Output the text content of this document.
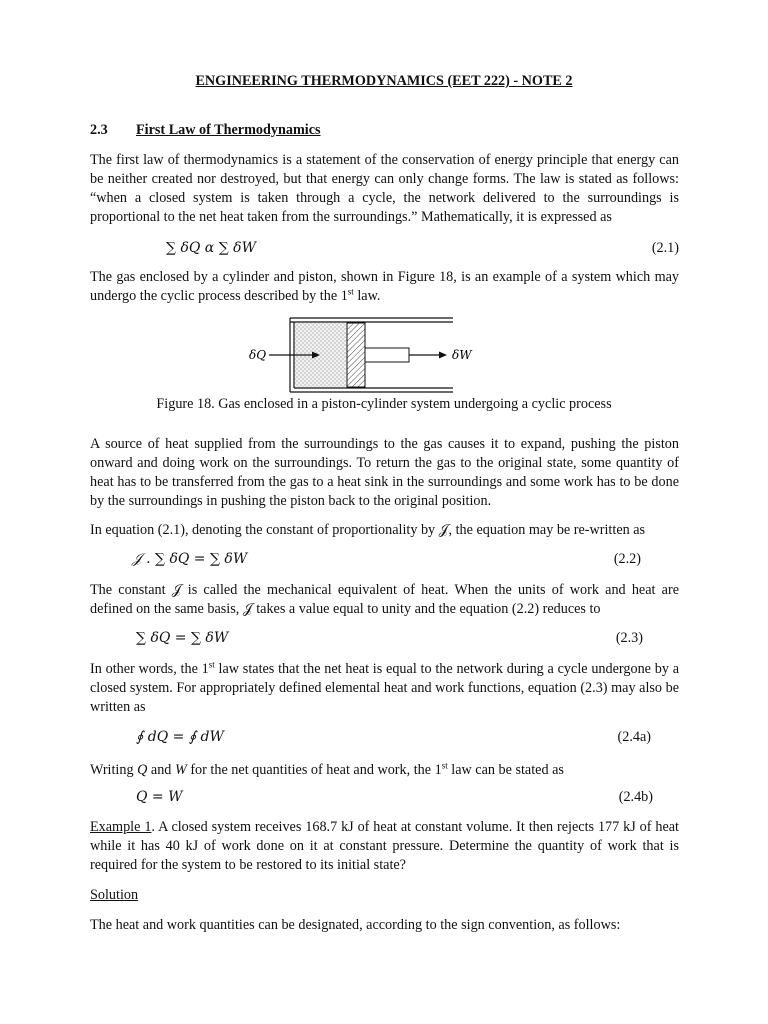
ENGINEERING THERMODYNAMICS (EET 222) - NOTE 2
2.3 First Law of Thermodynamics

The first law of thermodynamics is a statement of the conservation of energy principle that energy can be neither created nor destroyed, but that energy can only change forms. The law is stated as follows: “when a closed system is taken through a cycle, the network delivered to the surroundings is proportional to the net heat taken from the surroundings.” Mathematically, it is expressed as

∑ δQ α ∑ δW	(2.1)

The gas enclosed by a cylinder and piston, shown in Figure 18, is an example of a system which may undergo the cyclic process described by the 1st law.

δQ	δW
Figure 18. Gas enclosed in a piston-cylinder system undergoing a cyclic process

A source of heat supplied from the surroundings to the gas causes it to expand, pushing the piston onward and doing work on the surroundings. To return the gas to the original state, some quantity of heat has to be transferred from the gas to a heat sink in the surroundings and some work has to be done by the surroundings in pushing the piston back to the original position.

In equation (2.1), denoting the constant of proportionality by 𝒥, the equation may be re-written as

𝒥 . ∑ δQ = ∑ δW	(2.2)

The constant 𝒥 is called the mechanical equivalent of heat. When the units of work and heat are defined on the same basis, 𝒥 takes a value equal to unity and the equation (2.2) reduces to

∑ δQ = ∑ δW	(2.3)

In other words, the 1st law states that the net heat is equal to the network during a cycle undergone by a closed system. For appropriately defined elemental heat and work functions, equation (2.3) may also be written as

∮ dQ = ∮ dW	(2.4a)

Writing Q and W for the net quantities of heat and work, the 1st law can be stated as

Q = W	(2.4b)

Example 1. A closed system receives 168.7 kJ of heat at constant volume. It then rejects 177 kJ of heat while it has 40 kJ of work done on it at constant pressure. Determine the quantity of work that is required for the system to be restored to its initial state?

Solution

The heat and work quantities can be designated, according to the sign convention, as follows:
